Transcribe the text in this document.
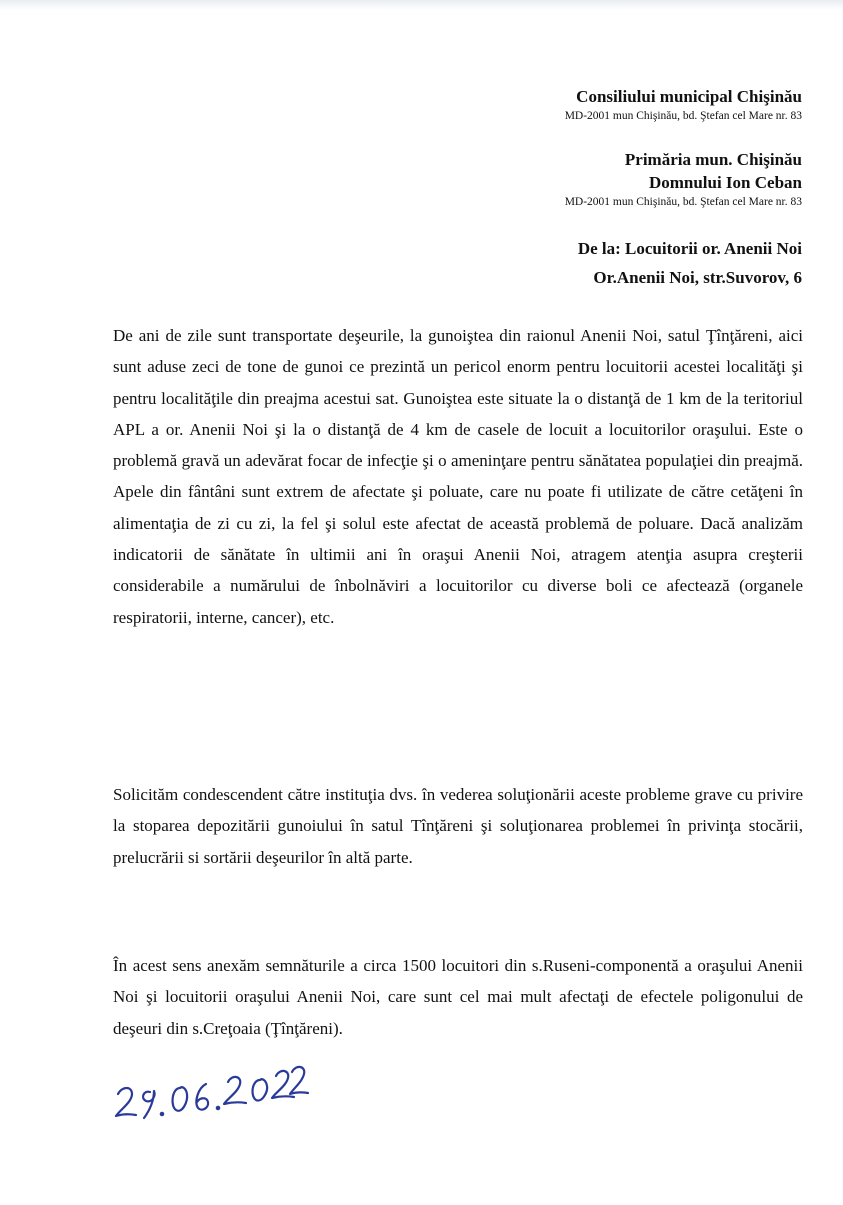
Consiliului municipal Chişinău

MD-2001 mun Chişinău, bd. Ştefan cel Mare nr. 83

Primăria mun. Chişinău

Domnului Ion Ceban

MD-2001 mun Chişinău, bd. Ştefan cel Mare nr. 83

De la: Locuitorii or. Anenii Noi

Or.Anenii Noi, str.Suvorov, 6

De ani de zile sunt transportate deşeurile, la gunoiştea din raionul Anenii Noi, satul Ţînţăreni, aici sunt aduse zeci de tone de gunoi ce prezintă un pericol enorm pentru locuitorii acestei localităţi şi pentru localităţile din preajma acestui sat. Gunoiştea este situate la o distanţă de 1 km de la teritoriul APL a or. Anenii Noi şi la o distanţă de 4 km de casele de locuit a locuitorilor oraşului. Este o problemă gravă un adevărat focar de infecţie şi o ameninţare pentru sănătatea populaţiei din preajmă. Apele din fântâni sunt extrem de afectate şi poluate, care nu poate fi utilizate de către cetăţeni în alimentaţia de zi cu zi, la fel şi solul este afectat de această problemă de poluare. Dacă analizăm indicatorii de sănătate în ultimii ani în oraşui Anenii Noi, atragem atenţia asupra creşterii considerabile a numărului de înbolnăviri a locuitorilor cu diverse boli ce afectează (organele respiratorii, interne, cancer), etc.

Solicităm condescendent către instituţia dvs. în vederea soluţionării aceste probleme grave cu privire la stoparea depozitării gunoiului în satul Tînţăreni şi soluţionarea problemei în privinţa stocării, prelucrării si sortării deşeurilor în altă parte.

În acest sens anexăm semnăturile a circa 1500 locuitori din s.Ruseni-componentă a oraşului Anenii Noi şi locuitorii oraşului Anenii Noi, care sunt cel mai mult afectaţi de efectele poligonului de deşeuri din s.Creţoaia (Ţînţăreni).
